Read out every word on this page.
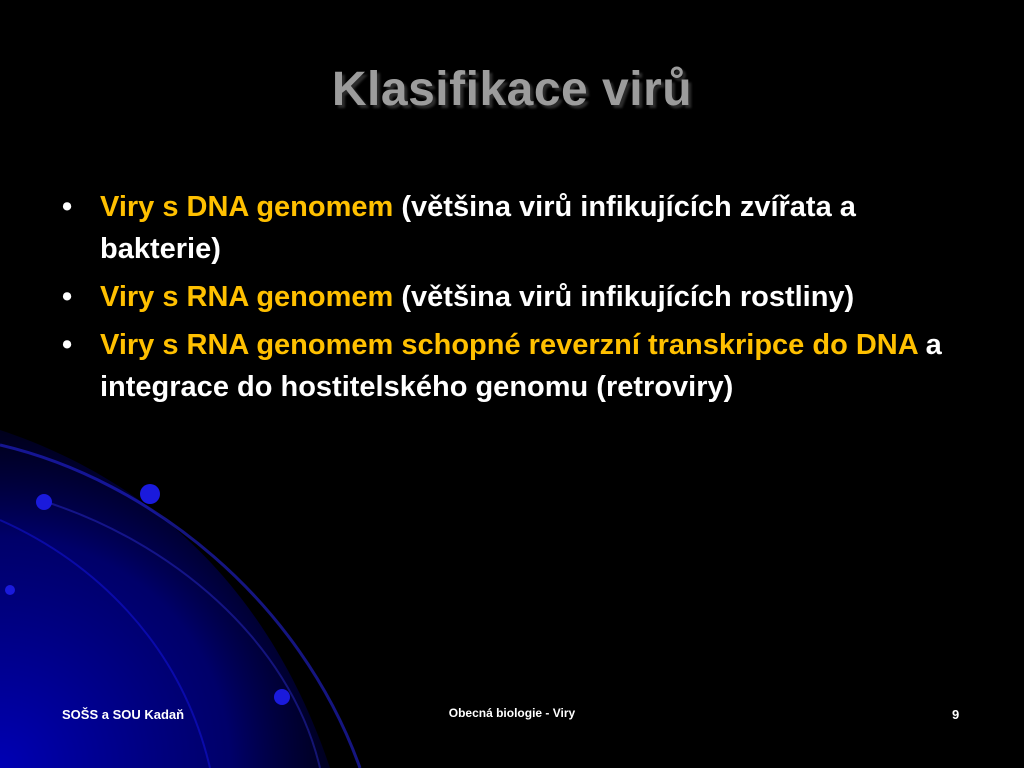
Klasifikace virů
• Viry s DNA genomem (většina virů infikujících zvířata a bakterie)
• Viry s RNA genomem (většina virů infikujících rostliny)
• Viry s RNA genomem schopné reverzní transkripce do DNA a integrace do hostitelského genomu (retroviry)
SOŠS a SOU Kadaň	Obecná biologie - Viry	9
